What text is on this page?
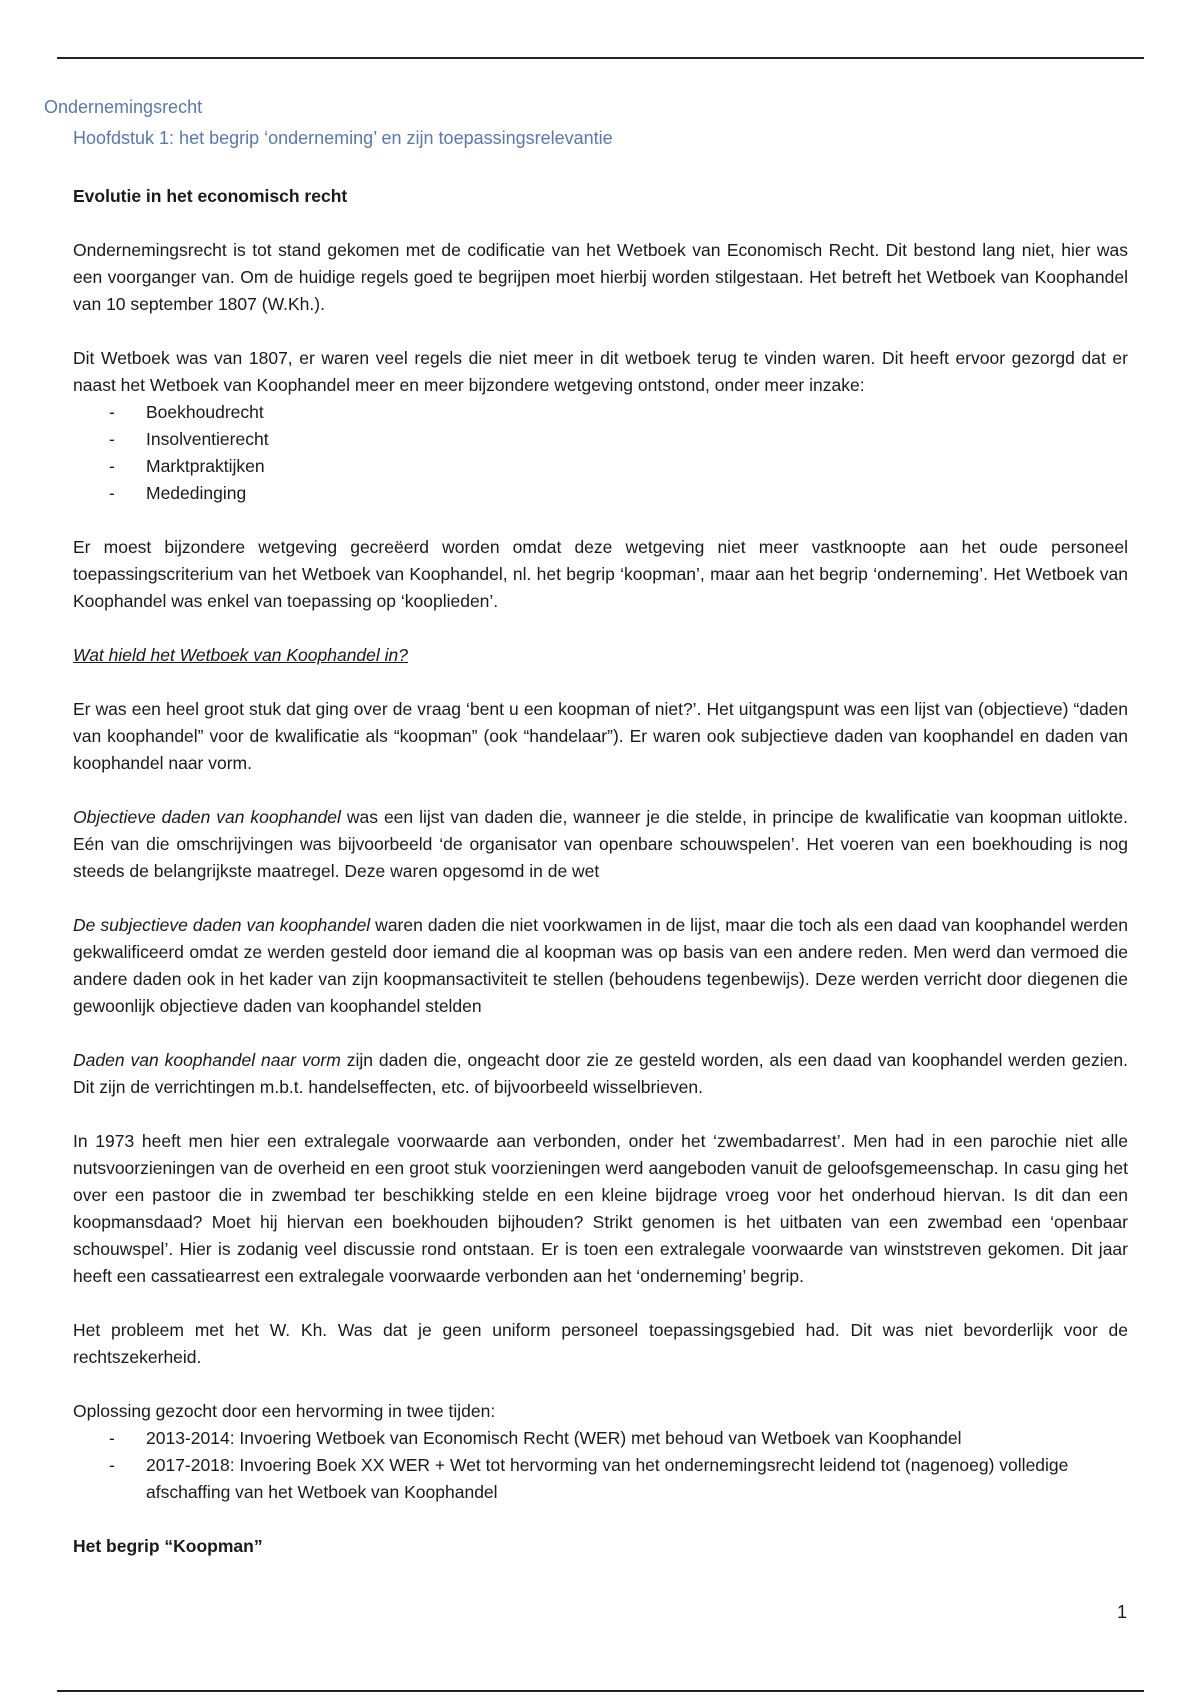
Ondernemingsrecht
Hoofdstuk 1: het begrip ‘onderneming’ en zijn toepassingsrelevantie

Evolutie in het economisch recht

Ondernemingsrecht is tot stand gekomen met de codificatie van het Wetboek van Economisch Recht. Dit bestond lang niet, hier was een voorganger van. Om de huidige regels goed te begrijpen moet hierbij worden stilgestaan. Het betreft het Wetboek van Koophandel van 10 september 1807 (W.Kh.).

Dit Wetboek was van 1807, er waren veel regels die niet meer in dit wetboek terug te vinden waren. Dit heeft ervoor gezorgd dat er naast het Wetboek van Koophandel meer en meer bijzondere wetgeving ontstond, onder meer inzake:

- Boekhoudrecht
- Insolventierecht
- Marktpraktijken
- Mededinging

Er moest bijzondere wetgeving gecreëerd worden omdat deze wetgeving niet meer vastknoopte aan het oude personeel toepassingscriterium van het Wetboek van Koophandel, nl. het begrip ‘koopman’, maar aan het begrip ‘onderneming’. Het Wetboek van Koophandel was enkel van toepassing op ‘kooplieden’.

Wat hield het Wetboek van Koophandel in?

Er was een heel groot stuk dat ging over de vraag ‘bent u een koopman of niet?’. Het uitgangspunt was een lijst van (objectieve) “daden van koophandel” voor de kwalificatie als “koopman” (ook “handelaar”). Er waren ook subjectieve daden van koophandel en daden van koophandel naar vorm.

Objectieve daden van koophandel was een lijst van daden die, wanneer je die stelde, in principe de kwalificatie van koopman uitlokte. Eén van die omschrijvingen was bijvoorbeeld ‘de organisator van openbare schouwspelen’. Het voeren van een boekhouding is nog steeds de belangrijkste maatregel. Deze waren opgesomd in de wet

De subjectieve daden van koophandel waren daden die niet voorkwamen in de lijst, maar die toch als een daad van koophandel werden gekwalificeerd omdat ze werden gesteld door iemand die al koopman was op basis van een andere reden. Men werd dan vermoed die andere daden ook in het kader van zijn koopmansactiviteit te stellen (behoudens tegenbewijs). Deze werden verricht door diegenen die gewoonlijk objectieve daden van koophandel stelden

Daden van koophandel naar vorm zijn daden die, ongeacht door zie ze gesteld worden, als een daad van koophandel werden gezien. Dit zijn de verrichtingen m.b.t. handelseffecten, etc. of bijvoorbeeld wisselbrieven.

In 1973 heeft men hier een extralegale voorwaarde aan verbonden, onder het ‘zwembadarrest’. Men had in een parochie niet alle nutsvoorzieningen van de overheid en een groot stuk voorzieningen werd aangeboden vanuit de geloofsgemeenschap. In casu ging het over een pastoor die in zwembad ter beschikking stelde en een kleine bijdrage vroeg voor het onderhoud hiervan. Is dit dan een koopmansdaad? Moet hij hiervan een boekhouden bijhouden? Strikt genomen is het uitbaten van een zwembad een ‘openbaar schouwspel’. Hier is zodanig veel discussie rond ontstaan. Er is toen een extralegale voorwaarde van winststreven gekomen. Dit jaar heeft een cassatiearrest een extralegale voorwaarde verbonden aan het ‘onderneming’ begrip.

Het probleem met het W. Kh. Was dat je geen uniform personeel toepassingsgebied had. Dit was niet bevorderlijk voor de rechtszekerheid.

Oplossing gezocht door een hervorming in twee tijden:

- 2013-2014: Invoering Wetboek van Economisch Recht (WER) met behoud van Wetboek van Koophandel
- 2017-2018: Invoering Boek XX WER + Wet tot hervorming van het ondernemingsrecht leidend tot (nagenoeg) volledige afschaffing van het Wetboek van Koophandel

Het begrip “Koopman”

1
